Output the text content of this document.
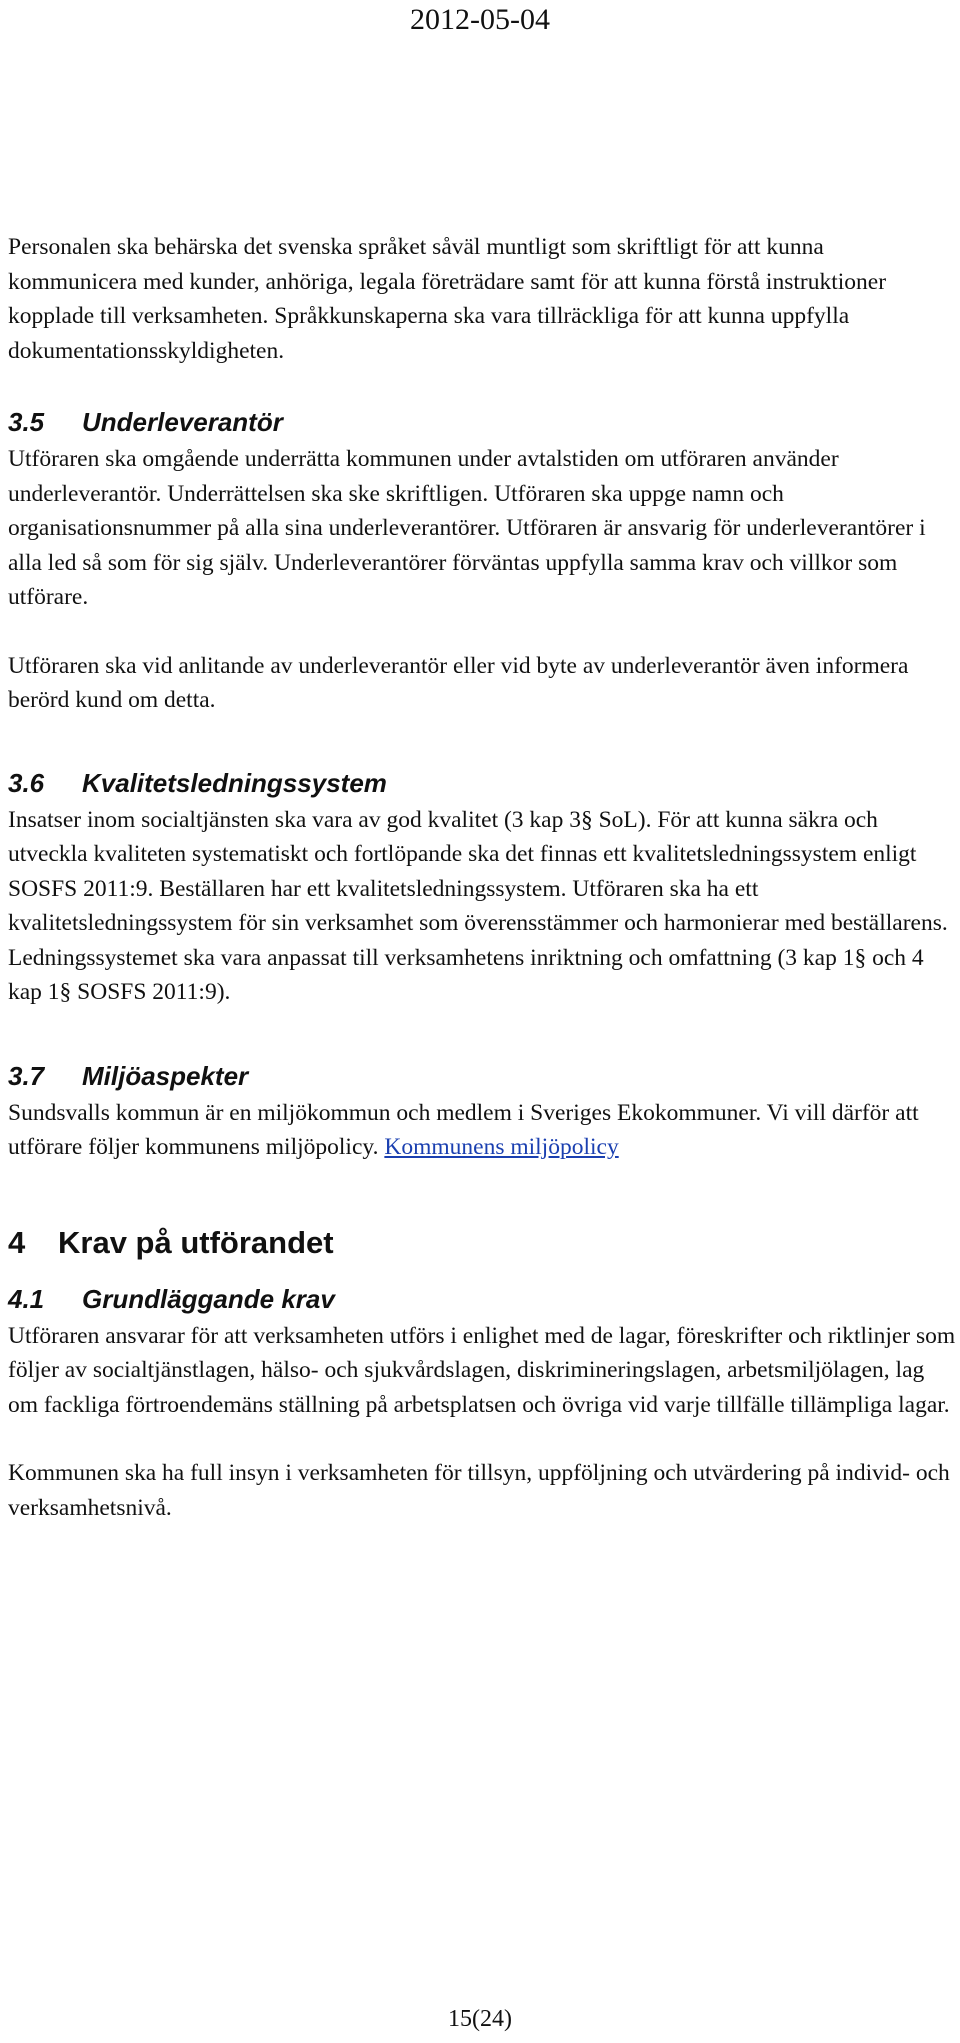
2012-05-04

Personalen ska behärska det svenska språket såväl muntligt som skriftligt för att kunna kommunicera med kunder, anhöriga, legala företrädare samt för att kunna förstå instruktioner kopplade till verksamheten. Språkkunskaperna ska vara tillräckliga för att kunna uppfylla dokumentationsskyldigheten.

3.5 Underleverantör

Utföraren ska omgående underrätta kommunen under avtalstiden om utföraren använder underleverantör. Underrättelsen ska ske skriftligen. Utföraren ska uppge namn och organisationsnummer på alla sina underleverantörer. Utföraren är ansvarig för underleverantörer i alla led så som för sig själv. Underleverantörer förväntas uppfylla samma krav och villkor som utförare.

Utföraren ska vid anlitande av underleverantör eller vid byte av underleverantör även informera berörd kund om detta.

3.6 Kvalitetsledningssystem

Insatser inom socialtjänsten ska vara av god kvalitet (3 kap 3§ SoL). För att kunna säkra och utveckla kvaliteten systematiskt och fortlöpande ska det finnas ett kvalitetsledningssystem enligt SOSFS 2011:9. Beställaren har ett kvalitetsledningssystem. Utföraren ska ha ett kvalitetsledningssystem för sin verksamhet som överensstämmer och harmonierar med beställarens. Ledningssystemet ska vara anpassat till verksamhetens inriktning och omfattning (3 kap 1§ och 4 kap 1§ SOSFS 2011:9).

3.7 Miljöaspekter

Sundsvalls kommun är en miljökommun och medlem i Sveriges Ekokommuner. Vi vill därför att utförare följer kommunens miljöpolicy. Kommunens miljöpolicy

4 Krav på utförandet
4.1 Grundläggande krav

Utföraren ansvarar för att verksamheten utförs i enlighet med de lagar, föreskrifter och riktlinjer som följer av socialtjänstlagen, hälso- och sjukvårdslagen, diskrimineringslagen, arbetsmiljölagen, lag om fackliga förtroendemäns ställning på arbetsplatsen och övriga vid varje tillfälle tillämpliga lagar.

Kommunen ska ha full insyn i verksamheten för tillsyn, uppföljning och utvärdering på individ- och verksamhetsnivå.

15(24)
